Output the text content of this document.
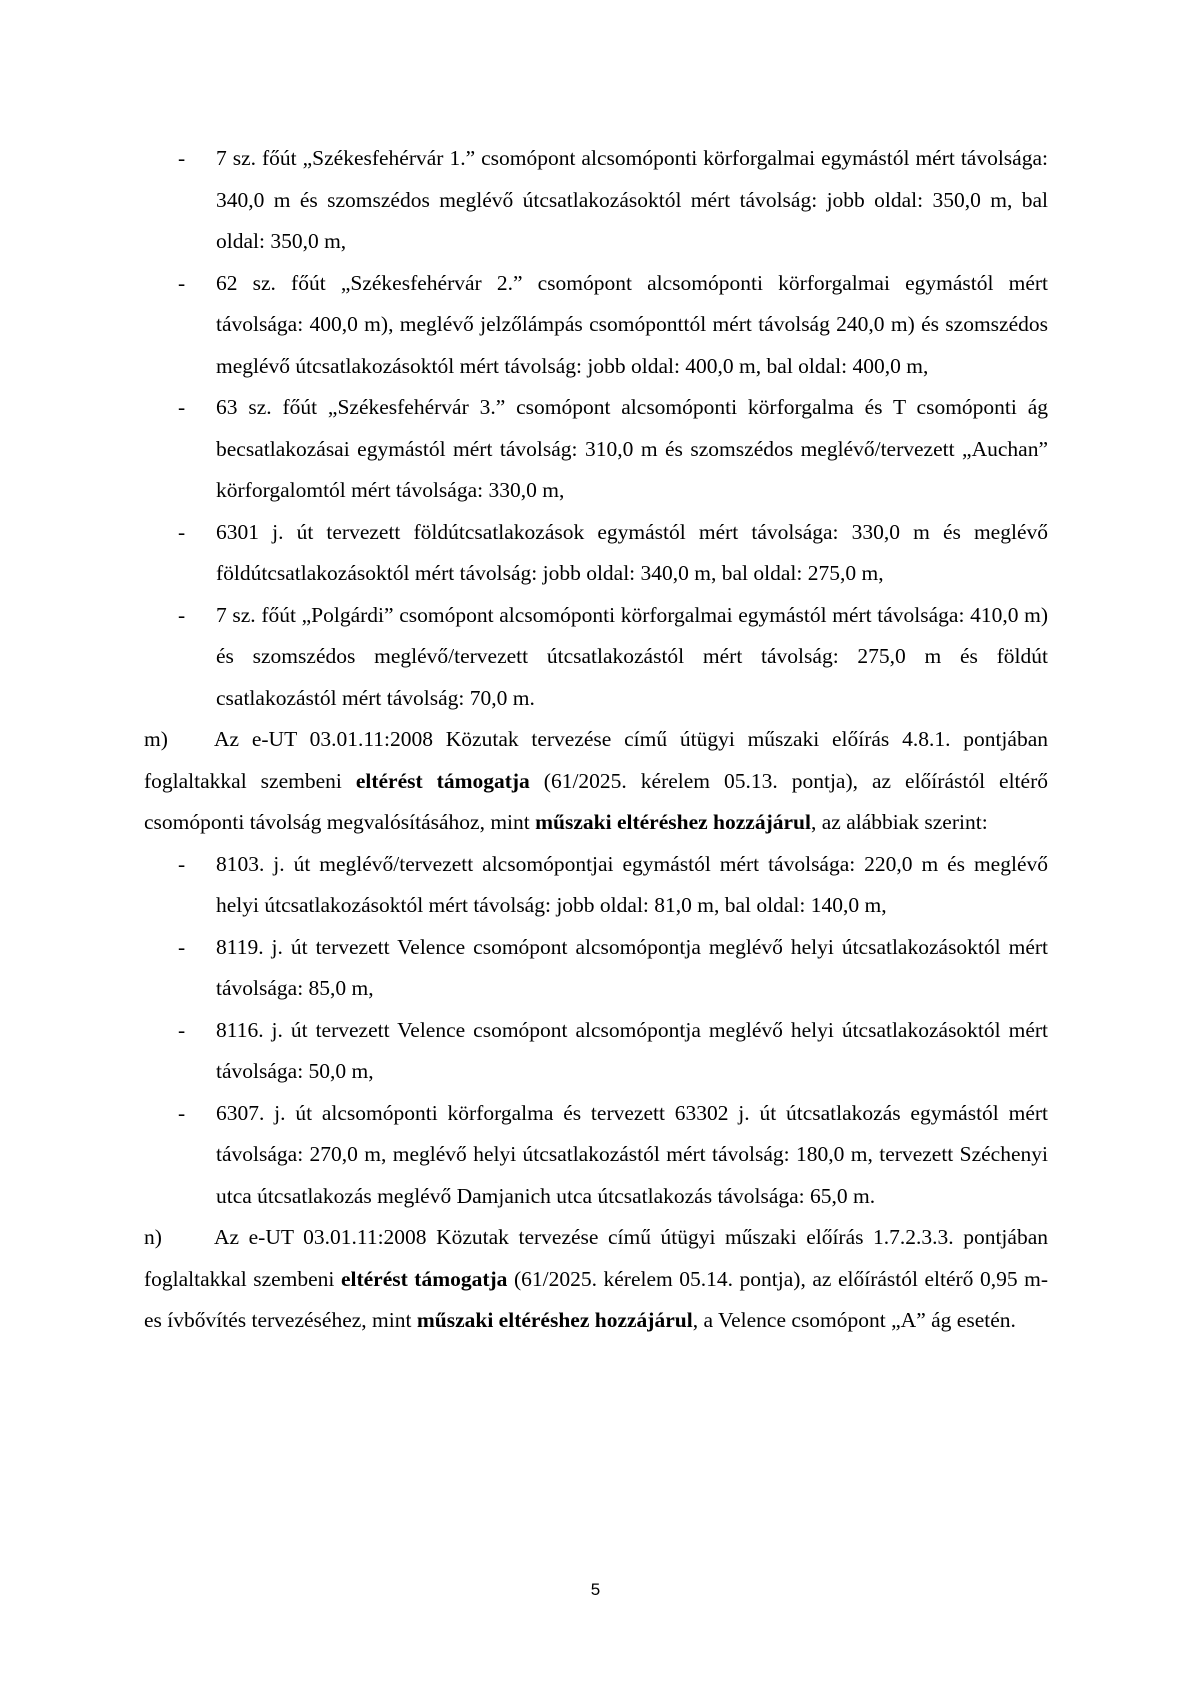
- 7 sz. főút „Székesfehérvár 1.” csomópont alcsomóponti körforgalmai egymástól mért távolsága: 340,0 m és szomszédos meglévő útcsatlakozásoktól mért távolság: jobb oldal: 350,0 m, bal oldal: 350,0 m,
- 62 sz. főút „Székesfehérvár 2.” csomópont alcsomóponti körforgalmai egymástól mért távolsága: 400,0 m), meglévő jelzőlámpás csomóponttól mért távolság 240,0 m) és szomszédos meglévő útcsatlakozásoktól mért távolság: jobb oldal: 400,0 m, bal oldal: 400,0 m,
- 63 sz. főút „Székesfehérvár 3.” csomópont alcsomóponti körforgalma és T csomóponti ág becsatlakozásai egymástól mért távolság: 310,0 m és szomszédos meglévő/tervezett „Auchan” körforgalomtól mért távolsága: 330,0 m,
- 6301 j. út tervezett földútcsatlakozások egymástól mért távolsága: 330,0 m és meglévő földútcsatlakozásoktól mért távolság: jobb oldal: 340,0 m, bal oldal: 275,0 m,
- 7 sz. főút „Polgárdi” csomópont alcsomóponti körforgalmai egymástól mért távolsága: 410,0 m) és szomszédos meglévő/tervezett útcsatlakozástól mért távolság: 275,0 m és földút csatlakozástól mért távolság: 70,0 m.
m) Az e-UT 03.01.11:2008 Közutak tervezése című útügyi műszaki előírás 4.8.1. pontjában foglaltakkal szembeni eltérést támogatja (61/2025. kérelem 05.13. pontja), az előírástól eltérő csomóponti távolság megvalósításához, mint műszaki eltéréshez hozzájárul, az alábbiak szerint:
- 8103. j. út meglévő/tervezett alcsomópontjai egymástól mért távolsága: 220,0 m és meglévő helyi útcsatlakozásoktól mért távolság: jobb oldal: 81,0 m, bal oldal: 140,0 m,
- 8119. j. út tervezett Velence csomópont alcsomópontja meglévő helyi útcsatlakozásoktól mért távolsága: 85,0 m,
- 8116. j. út tervezett Velence csomópont alcsomópontja meglévő helyi útcsatlakozásoktól mért távolsága: 50,0 m,
- 6307. j. út alcsomóponti körforgalma és tervezett 63302 j. út útcsatlakozás egymástól mért távolsága: 270,0 m, meglévő helyi útcsatlakozástól mért távolság: 180,0 m, tervezett Széchenyi utca útcsatlakozás meglévő Damjanich utca útcsatlakozás távolsága: 65,0 m.
n) Az e-UT 03.01.11:2008 Közutak tervezése című útügyi műszaki előírás 1.7.2.3.3. pontjában foglaltakkal szembeni eltérést támogatja (61/2025. kérelem 05.14. pontja), az előírástól eltérő 0,95 m-es ívbővítés tervezéséhez, mint műszaki eltéréshez hozzájárul, a Velence csomópont „A” ág esetén.
5
